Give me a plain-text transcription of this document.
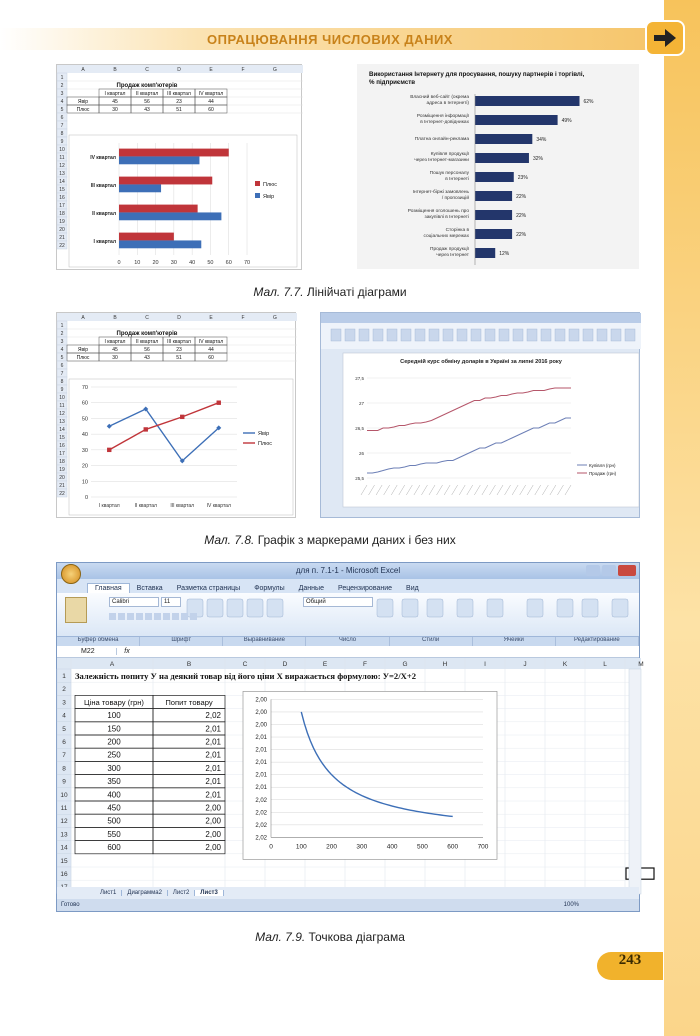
ОПРАЦЮВАННЯ ЧИСЛОВИХ ДАНИХ
A	B	C	D	E	F	G
1
2
3
4
5
Продаж комп'ютерів
I квартал II квартал III квартал IV квартал
Явір	45	56	23	44
Плюс	30	43	51	60
6
7
8
9
10
11
12
13
14
15
16
17
18
19
20
21
22
0 10 20 30 40 50 60 70
I квартал
II квартал
III квартал
IV квартал
Плюс
Явір
Використання Інтернету для просування, пошуку партнерів і торгівлі,
% підприємств
Власний веб-сайт (окрема
адреса в Інтернеті)	62%
Розміщення інформації
в Інтернет-довідниках	49%
Платна онлайн-реклама	34%
Купівля продукції
через Інтернет-магазини	32%
Пошук персоналу
в Інтернеті	23%
Інтернет-біржі замовлень
/ пропозицій	22%
Розміщення оголошень про
закупівлі в Інтернеті	22%
Сторінка в
соціальних мережах	22%
Продаж продукції
через Інтернет	12%
Мал. 7.7. Лінійчаті діаграми
A	B	C	D	E	F	G
1
2
3
4
5
Продаж комп'ютерів
I квартал II квартал III квартал IV квартал
Явір	45	56	23	44
Плюс	30	43	51	60
6
7
8
9
10
11
12
13
14
15
16
17
18
19
20
21
22
0
10
20
30
40
50
60
70
I квартал	II квартал	III квартал IV квартал
Явір
Плюс
Середній курс обміну доларів в Україні за липні 2016 року
25,5
26
26,5
27
27,5
Купівля (грн)
Продаж (грн)
Мал. 7.8. Графік з маркерами даних і без них
для п. 7.1-1 - Microsoft Excel
Главная	Вставка	Разметка страницы	Формулы	Данные	Рецензирование	Вид
Calibri	11	Общий
Буфер обмена	Шрифт	Выравнивание	Число	Стили	Ячейки	Редактирование
M22	fx
A	B	C	D	E	F	G	H	I	J	K	L	M
1
2
3
4
5
6
7
8
9
10
11
12
13
14
15
16
Залежність попиту У на деякий товар від його ціни Х виражається формулою: У=2/Х+2
Ціна товару (грн)	Попит товару
100	2,02
150	2,01
200	2,01
250	2,01
300	2,01
350	2,01
400	2,01
450	2,00
500	2,00
550	2,00
600	2,00
2,02
2,02
2,02
2,02
2,01
2,01
2,01
2,01
2,01
2,00
2,00
2,00
0	100	200	300	400	500	600	700
Лист1	Диаграмма2	Лист2	Лист3
Готово	100%
Мал. 7.9. Точкова діаграма
243
